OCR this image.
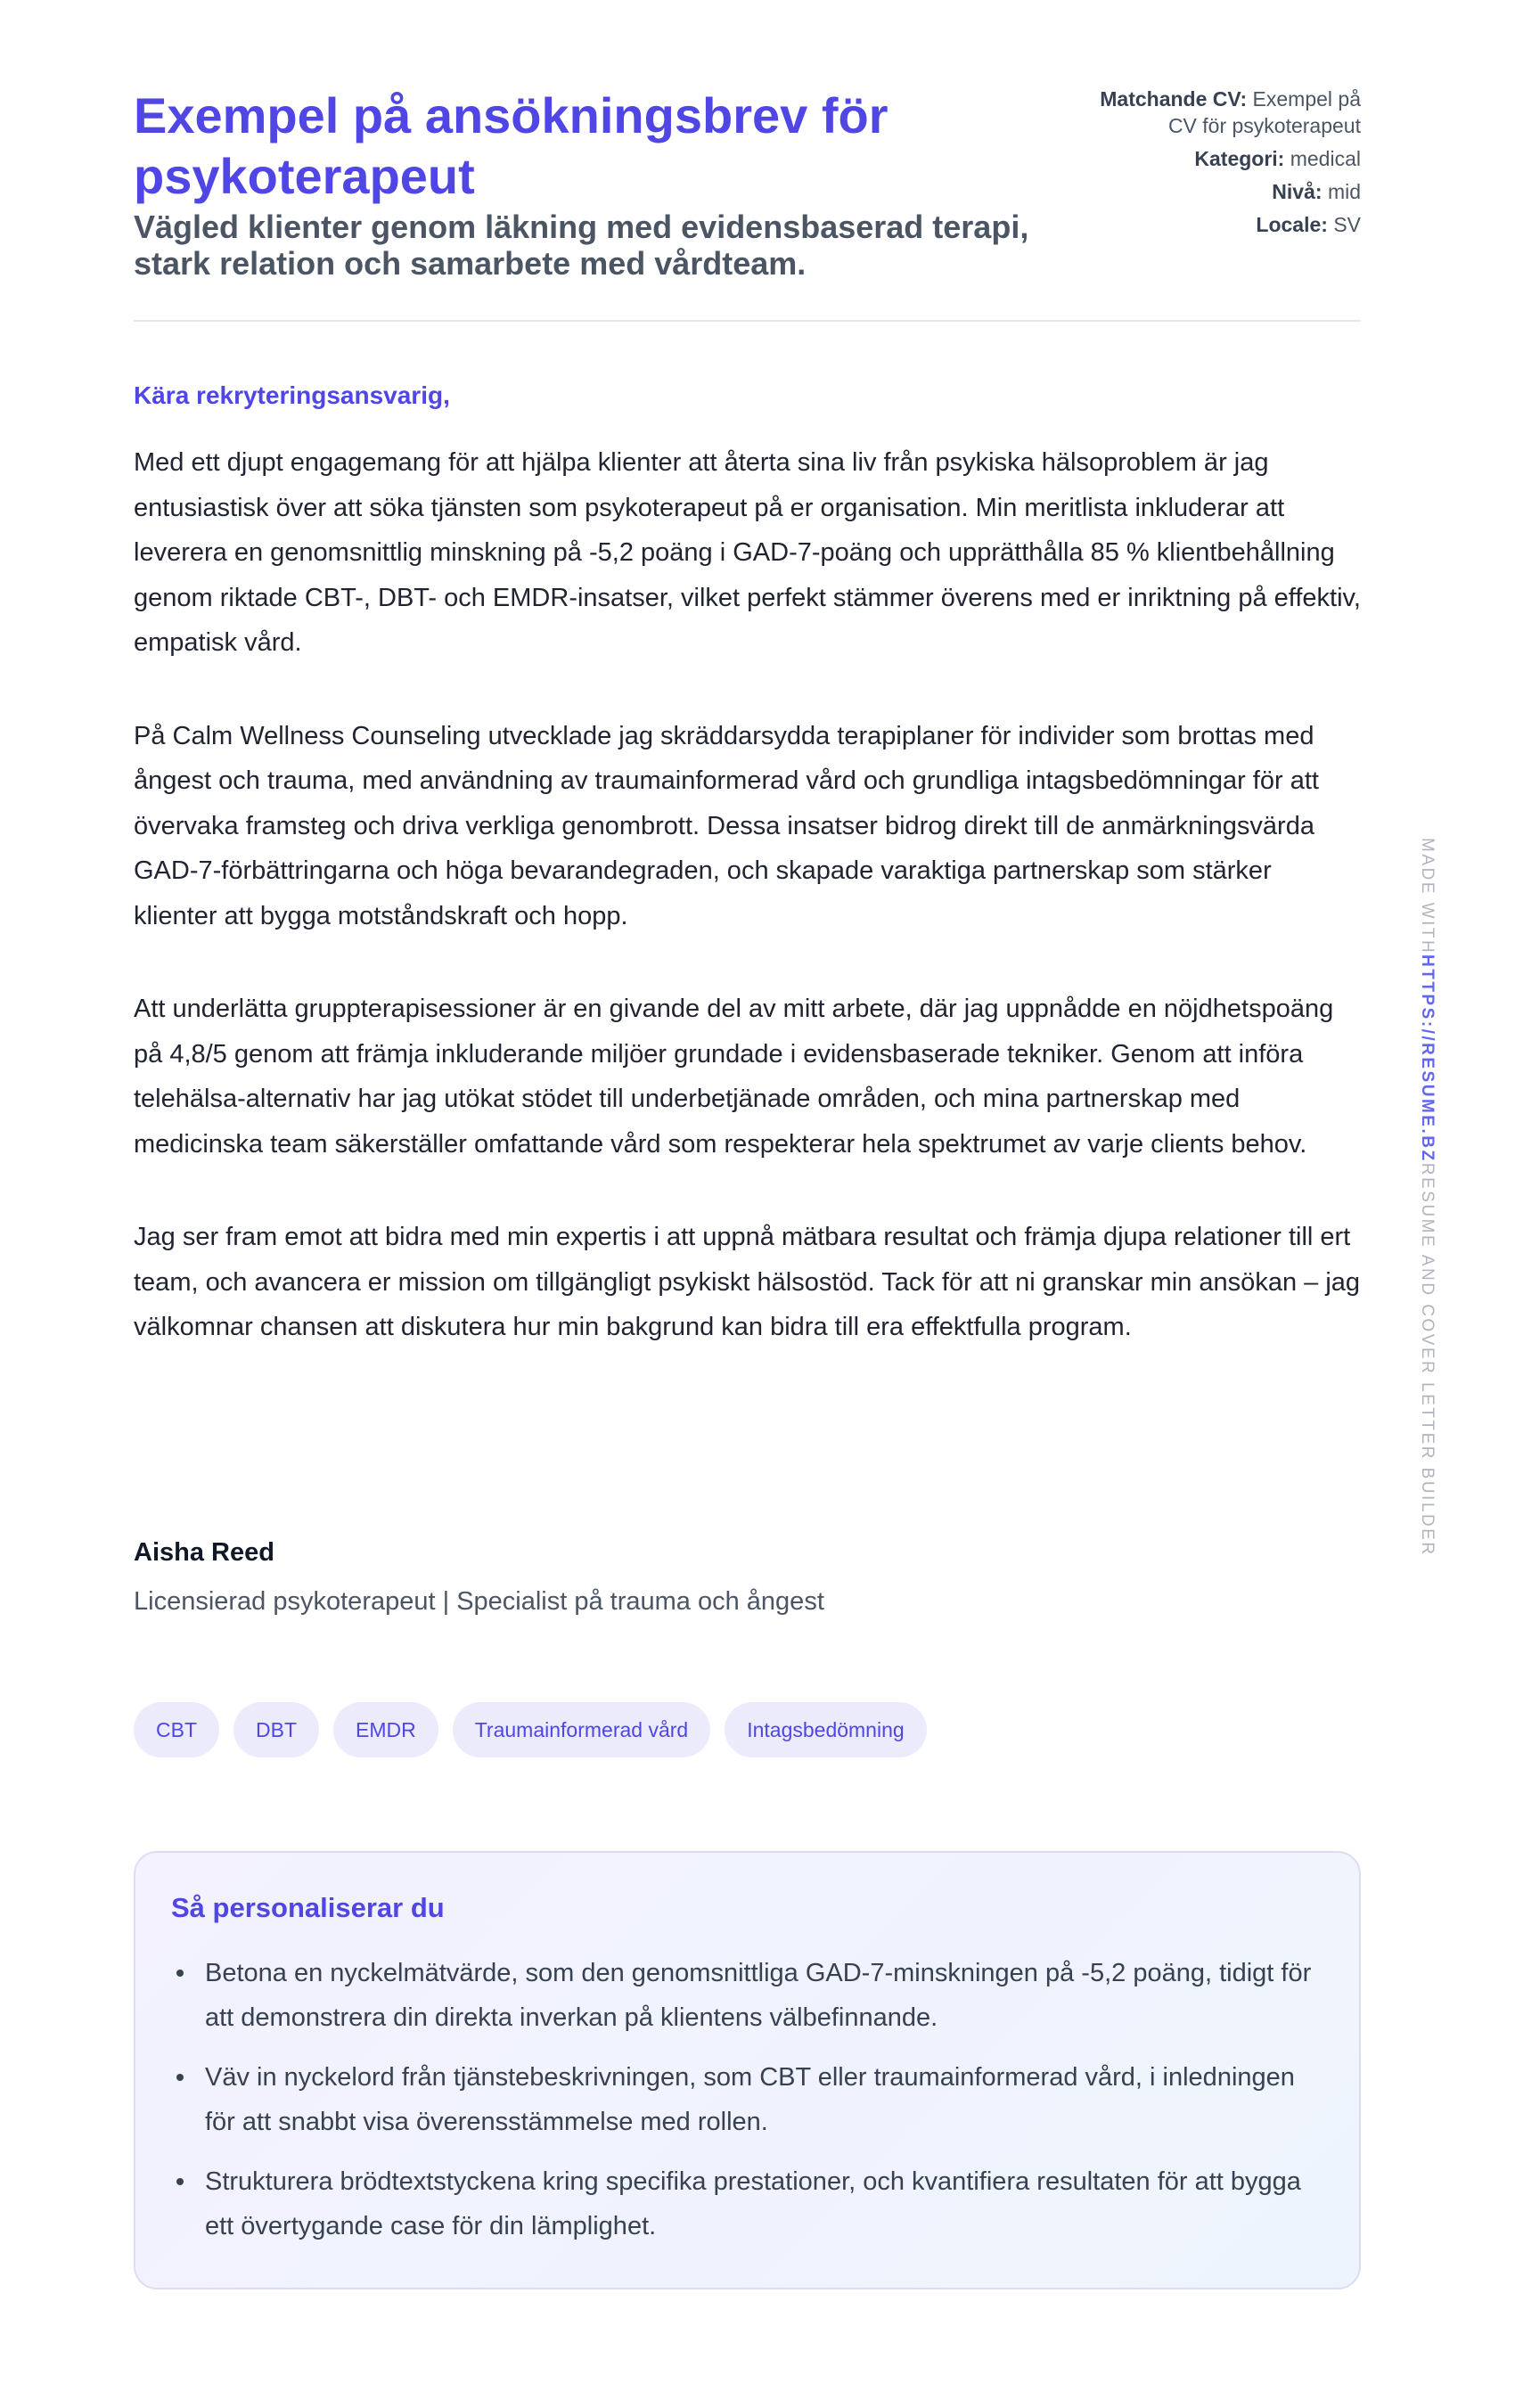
Exempel på ansökningsbrev för psykoterapeut
Vägled klienter genom läkning med evidensbaserad terapi, stark relation och samarbete med vårdteam.
Matchande CV: Exempel på CV för psykoterapeut
Kategori: medical
Nivå: mid
Locale: SV
Kära rekryteringsansvarig,

Med ett djupt engagemang för att hjälpa klienter att återta sina liv från psykiska hälsoproblem är jag entusiastisk över att söka tjänsten som psykoterapeut på er organisation. Min meritlista inkluderar att leverera en genomsnittlig minskning på -5,2 poäng i GAD-7-poäng och upprätthålla 85 % klientbehållning genom riktade CBT-, DBT- och EMDR-insatser, vilket perfekt stämmer överens med er inriktning på effektiv, empatisk vård.

På Calm Wellness Counseling utvecklade jag skräddarsydda terapiplaner för individer som brottas med ångest och trauma, med användning av traumainformerad vård och grundliga intagsbedömningar för att övervaka framsteg och driva verkliga genombrott. Dessa insatser bidrog direkt till de anmärkningsvärda GAD-7-förbättringarna och höga bevarandegraden, och skapade varaktiga partnerskap som stärker klienter att bygga motståndskraft och hopp.

Att underlätta gruppterapisessioner är en givande del av mitt arbete, där jag uppnådde en nöjdhetspoäng på 4,8/5 genom att främja inkluderande miljöer grundade i evidensbaserade tekniker. Genom att införa telehälsa-alternativ har jag utökat stödet till underbetjänade områden, och mina partnerskap med medicinska team säkerställer omfattande vård som respekterar hela spektrumet av varje clients behov.

Jag ser fram emot att bidra med min expertis i att uppnå mätbara resultat och främja djupa relationer till ert team, och avancera er mission om tillgängligt psykiskt hälsostöd. Tack för att ni granskar min ansökan – jag välkomnar chansen att diskutera hur min bakgrund kan bidra till era effektfulla program.

Aisha Reed
Licensierad psykoterapeut | Specialist på trauma och ångest
CBT	DBT	EMDR	Traumainformerad vård	Intagsbedömning
Så personaliserar du
Betona en nyckelmätvärde, som den genomsnittliga GAD-7-minskningen på -5,2 poäng, tidigt för att demonstrera din direkta inverkan på klientens välbefinnande.
Väv in nyckelord från tjänstebeskrivningen, som CBT eller traumainformerad vård, i inledningen för att snabbt visa överensstämmelse med rollen.
Strukturera brödtextstyckena kring specifika prestationer, och kvantifiera resultaten för att bygga ett övertygande case för din lämplighet.
MADE WITHHTTPS://RESUME.BZRESUME AND COVER LETTER BUILDER
